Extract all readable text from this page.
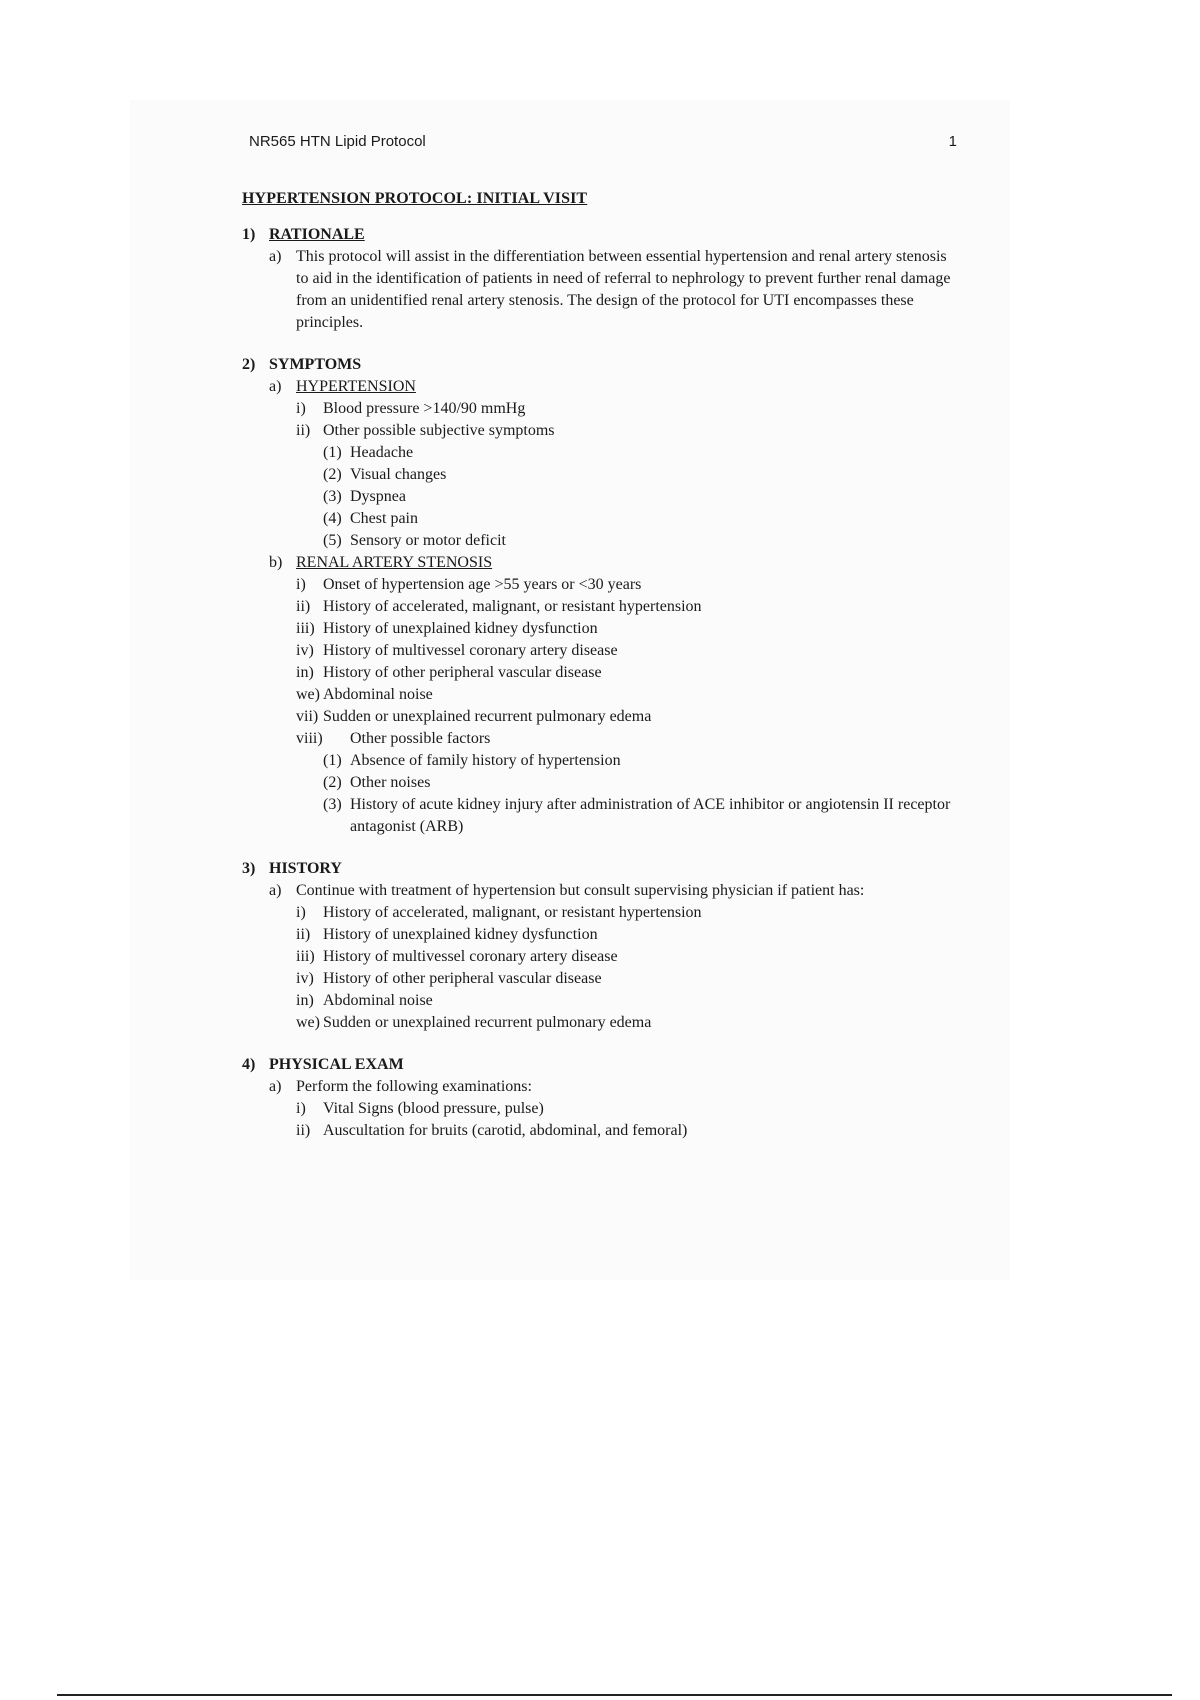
NR565 HTN Lipid Protocol	1
HYPERTENSION PROTOCOL: INITIAL VISIT
1) RATIONALE
a) This protocol will assist in the differentiation between essential hypertension and renal artery stenosis to aid in the identification of patients in need of referral to nephrology to prevent further renal damage from an unidentified renal artery stenosis. The design of the protocol for UTI encompasses these principles.
2) SYMPTOMS
a) HYPERTENSION
i)	Blood pressure >140/90 mmHg
ii) Other possible subjective symptoms
(1) Headache
(2) Visual changes
(3) Dyspnea
(4) Chest pain
(5) Sensory or motor deficit
b) RENAL ARTERY STENOSIS
i)	Onset of hypertension age >55 years or <30 years
ii) History of accelerated, malignant, or resistant hypertension
iii) History of unexplained kidney dysfunction
iv) History of multivessel coronary artery disease
in) History of other peripheral vascular disease
we) Abdominal noise
vii) Sudden or unexplained recurrent pulmonary edema
viii)	Other possible factors
(1) Absence of family history of hypertension
(2) Other noises
(3) History of acute kidney injury after administration of ACE inhibitor or angiotensin II receptor antagonist (ARB)
3) HISTORY
a) Continue with treatment of hypertension but consult supervising physician if patient has:
i)	History of accelerated, malignant, or resistant hypertension
ii) History of unexplained kidney dysfunction
iii) History of multivessel coronary artery disease
iv) History of other peripheral vascular disease
in) Abdominal noise
we) Sudden or unexplained recurrent pulmonary edema
4) PHYSICAL EXAM
a) Perform the following examinations:
i)	Vital Signs (blood pressure, pulse)
ii) Auscultation for bruits (carotid, abdominal, and femoral)
